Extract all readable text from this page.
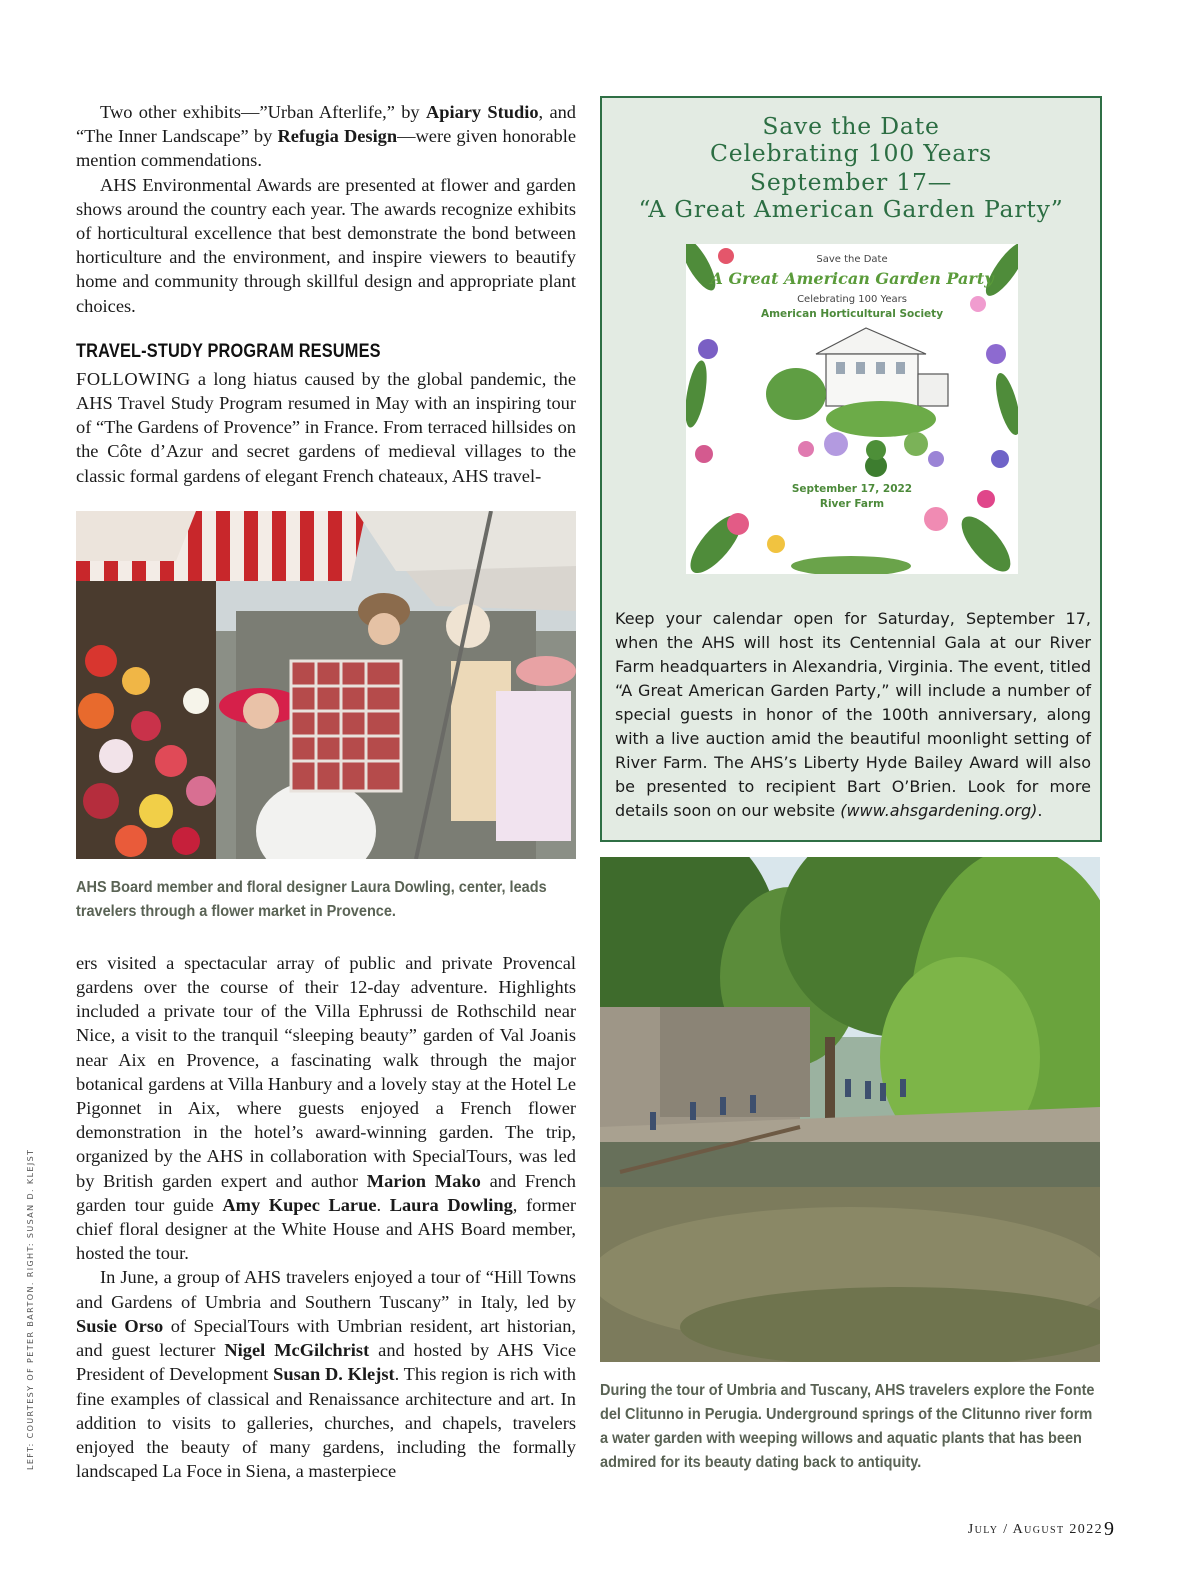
Two other exhibits—”Urban Afterlife,” by Apiary Studio, and “The Inner Landscape” by Refugia Design—were given honorable mention commendations.

AHS Environmental Awards are presented at flower and garden shows around the country each year. The awards recognize exhibits of horticultural excellence that best demonstrate the bond between horticulture and the environment, and inspire viewers to beautify home and community through skillful design and appropriate plant choices.

TRAVEL-STUDY PROGRAM RESUMES

FOLLOWING a long hiatus caused by the global pandemic, the AHS Travel Study Program resumed in May with an inspiring tour of “The Gardens of Provence” in France. From terraced hillsides on the Côte d’Azur and secret gardens of medieval villages to the classic formal gardens of elegant French chateaux, AHS travel-

AHS Board member and floral designer Laura Dowling, center, leads travelers through a flower market in Provence.

ers visited a spectacular array of public and private Provencal gardens over the course of their 12-day adventure. Highlights included a private tour of the Villa Ephrussi de Rothschild near Nice, a visit to the tranquil “sleeping beauty” garden of Val Joanis near Aix en Provence, a fascinating walk through the major botanical gardens at Villa Hanbury and a lovely stay at the Hotel Le Pigonnet in Aix, where guests enjoyed a French flower demonstration in the hotel’s award-winning garden. The trip, organized by the AHS in collaboration with SpecialTours, was led by British garden expert and author Marion Mako and French garden tour guide Amy Kupec Larue. Laura Dowling, former chief floral designer at the White House and AHS Board member, hosted the tour.

In June, a group of AHS travelers enjoyed a tour of “Hill Towns and Gardens of Umbria and Southern Tuscany” in Italy, led by Susie Orso of SpecialTours with Umbrian resident, art historian, and guest lecturer Nigel McGilchrist and hosted by AHS Vice President of Development Susan D. Klejst. This region is rich with fine examples of classical and Renaissance architecture and art. In addition to visits to galleries, churches, and chapels, travelers enjoyed the beauty of many gardens, including the formally landscaped La Foce in Siena, a masterpiece

Save the Date
Celebrating 100 Years
September 17—
“A Great American Garden Party”
Save the Date
A Great American Garden Party
Celebrating 100 Years
American Horticultural Society
September 17, 2022
River Farm
Keep your calendar open for Saturday, September 17, when the AHS will host its Centennial Gala at our River Farm headquarters in Alexandria, Virginia. The event, titled “A Great American Garden Party,” will include a number of special guests in honor of the 100th anniversary, along with a live auction amid the beautiful moonlight setting of River Farm. The AHS’s Liberty Hyde Bailey Award will also be presented to recipient Bart O’Brien. Look for more details soon on our website (www.ahsgardening.org).
During the tour of Umbria and Tuscany, AHS travelers explore the Fonte del Clitunno in Perugia. Underground springs of the Clitunno river form a water garden with weeping willows and aquatic plants that has been admired for its beauty dating back to antiquity.
LEFT: COURTESY OF PETER BARTON. RIGHT: SUSAN D. KLEJST
July / August 2022 9
